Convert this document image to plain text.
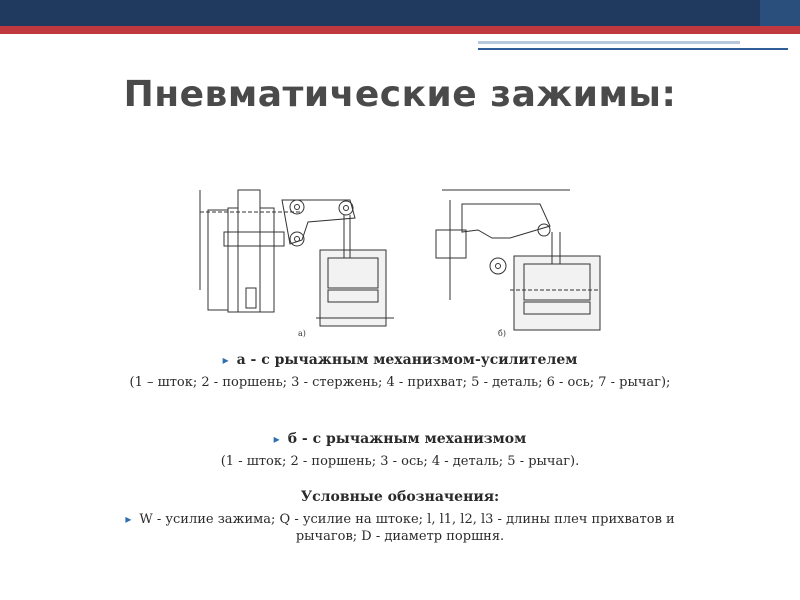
Пневматические зажимы:
а)	б)
▸ а - с рычажным механизмом-усилителем
(1 – шток; 2 - поршень; 3 - стержень; 4 - прихват; 5 - деталь; 6 - ось; 7 - рычаг);
▸ б - с рычажным механизмом
(1 - шток; 2 - поршень; 3 - ось; 4 - деталь; 5 - рычаг).
Условные обозначения:
▸ W - усилие зажима; Q - усилие на штоке; l, l1, l2, l3 - длины плеч прихватов и рычагов; D - диаметр поршня.
